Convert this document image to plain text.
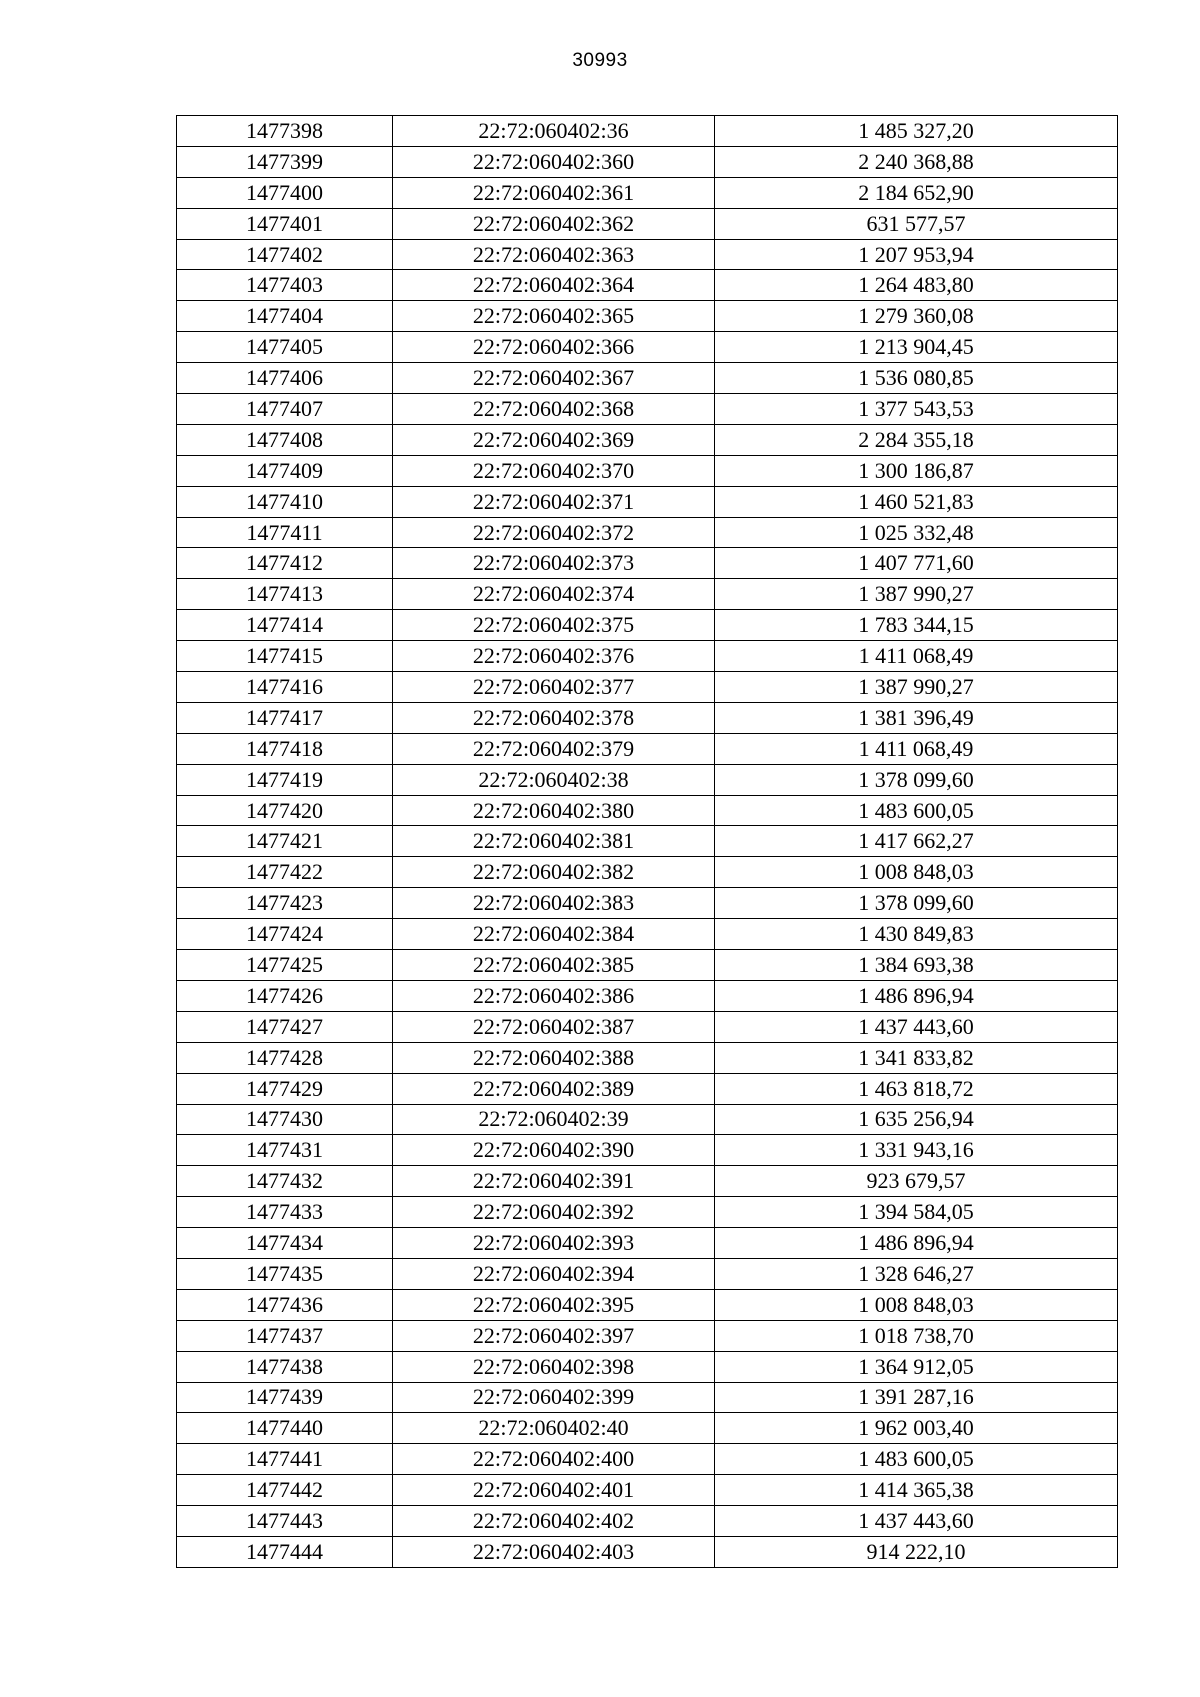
30993
1477398	22:72:060402:36	1 485 327,20
1477399	22:72:060402:360	2 240 368,88
1477400	22:72:060402:361	2 184 652,90
1477401	22:72:060402:362	631 577,57
1477402	22:72:060402:363	1 207 953,94
1477403	22:72:060402:364	1 264 483,80
1477404	22:72:060402:365	1 279 360,08
1477405	22:72:060402:366	1 213 904,45
1477406	22:72:060402:367	1 536 080,85
1477407	22:72:060402:368	1 377 543,53
1477408	22:72:060402:369	2 284 355,18
1477409	22:72:060402:370	1 300 186,87
1477410	22:72:060402:371	1 460 521,83
1477411	22:72:060402:372	1 025 332,48
1477412	22:72:060402:373	1 407 771,60
1477413	22:72:060402:374	1 387 990,27
1477414	22:72:060402:375	1 783 344,15
1477415	22:72:060402:376	1 411 068,49
1477416	22:72:060402:377	1 387 990,27
1477417	22:72:060402:378	1 381 396,49
1477418	22:72:060402:379	1 411 068,49
1477419	22:72:060402:38	1 378 099,60
1477420	22:72:060402:380	1 483 600,05
1477421	22:72:060402:381	1 417 662,27
1477422	22:72:060402:382	1 008 848,03
1477423	22:72:060402:383	1 378 099,60
1477424	22:72:060402:384	1 430 849,83
1477425	22:72:060402:385	1 384 693,38
1477426	22:72:060402:386	1 486 896,94
1477427	22:72:060402:387	1 437 443,60
1477428	22:72:060402:388	1 341 833,82
1477429	22:72:060402:389	1 463 818,72
1477430	22:72:060402:39	1 635 256,94
1477431	22:72:060402:390	1 331 943,16
1477432	22:72:060402:391	923 679,57
1477433	22:72:060402:392	1 394 584,05
1477434	22:72:060402:393	1 486 896,94
1477435	22:72:060402:394	1 328 646,27
1477436	22:72:060402:395	1 008 848,03
1477437	22:72:060402:397	1 018 738,70
1477438	22:72:060402:398	1 364 912,05
1477439	22:72:060402:399	1 391 287,16
1477440	22:72:060402:40	1 962 003,40
1477441	22:72:060402:400	1 483 600,05
1477442	22:72:060402:401	1 414 365,38
1477443	22:72:060402:402	1 437 443,60
1477444	22:72:060402:403	914 222,10
